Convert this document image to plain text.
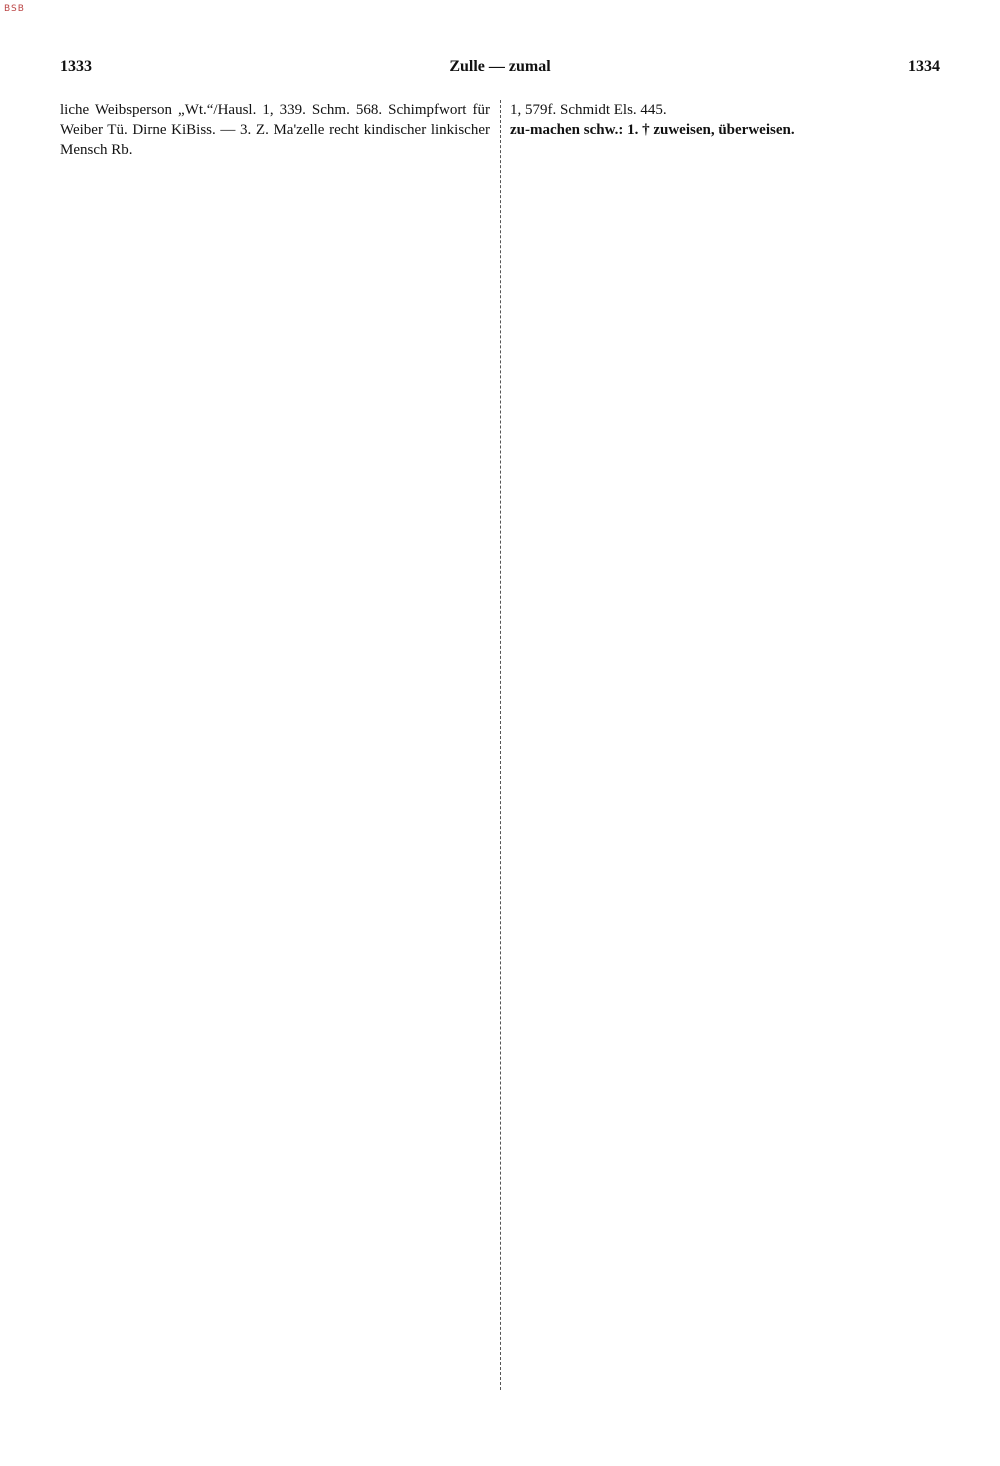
BSB
1333	Zulle — zumal	1334

liche Weibsperson „Wt.“/Hausl. 1, 339. Schm. 568. Schimpfwort für Weiber Tü. Dirne KiBiss. — 3. Z. Ma'zelle recht kindischer linkischer Mensch Rb.

1, 579f. Schmidt Els. 445.

zu-machen schw.: 1. † zuweisen, überweisen.
